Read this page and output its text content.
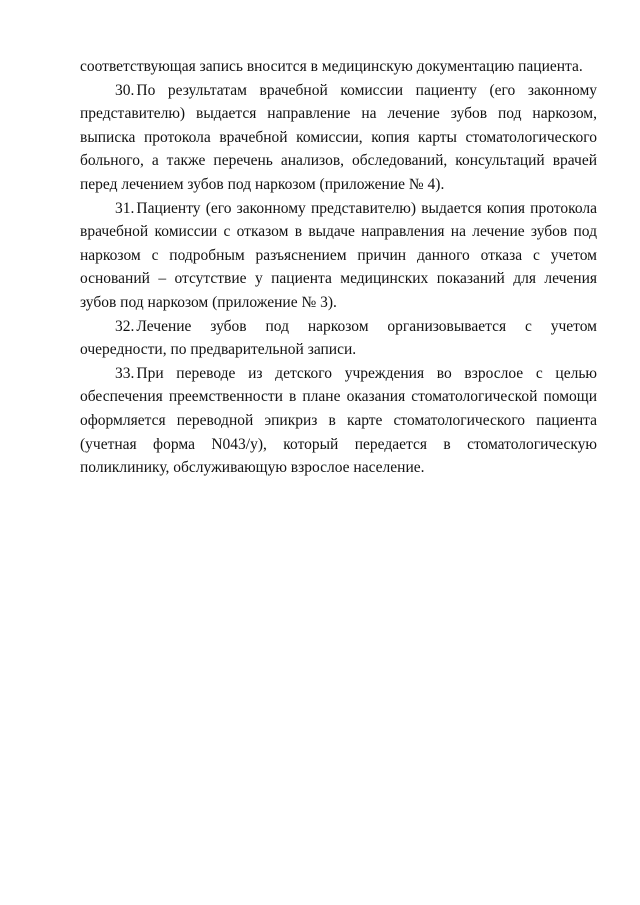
соответствующая запись вносится в медицинскую документацию пациента.

30. По результатам врачебной комиссии пациенту (его законному представителю) выдается направление на лечение зубов под наркозом, выписка протокола врачебной комиссии, копия карты стоматологического больного, а также перечень анализов, обследований, консультаций врачей перед лечением зубов под наркозом (приложение № 4).

31. Пациенту (его законному представителю) выдается копия протокола врачебной комиссии с отказом в выдаче направления на лечение зубов под наркозом с подробным разъяснением причин данного отказа с учетом оснований – отсутствие у пациента медицинских показаний для лечения зубов под наркозом (приложение № 3).

32. Лечение зубов под наркозом организовывается с учетом очередности, по предварительной записи.

33. При переводе из детского учреждения во взрослое с целью обеспечения преемственности в плане оказания стоматологической помощи оформляется переводной эпикриз в карте стоматологического пациента (учетная форма N043/у), который передается в стоматологическую поликлинику, обслуживающую взрослое население.
